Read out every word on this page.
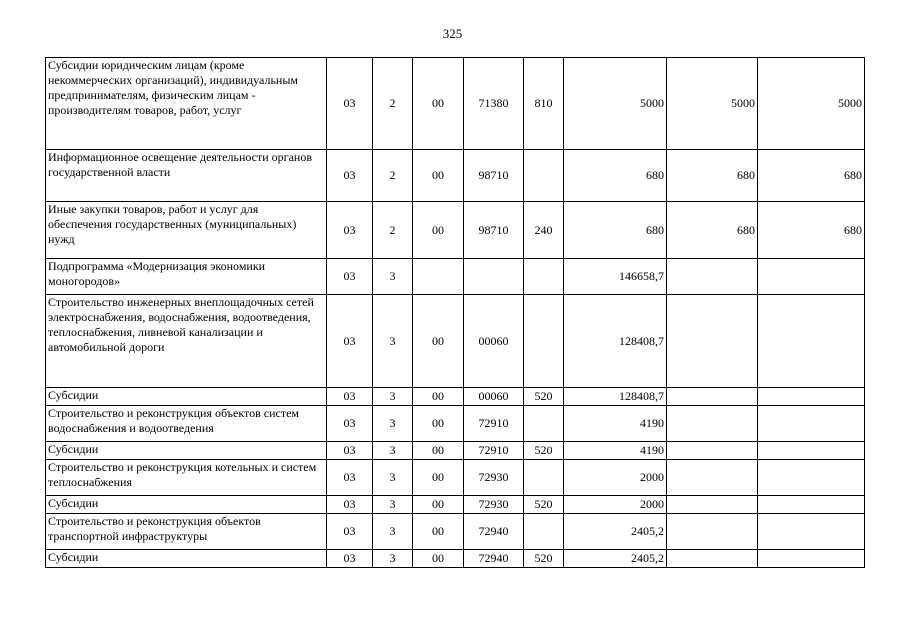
325
Субсидии юридическим лицам (кроме некоммерческих организаций), индивидуальным предпринимателям, физическим лицам - производителям товаров, работ, услуг	03	2	00	71380	810	5000	5000	5000
Информационное освещение деятельности органов государственной власти	03	2	00	98710		680	680	680
Иные закупки товаров, работ и услуг для обеспечения государственных (муниципальных) нужд	03	2	00	98710	240	680	680	680
Подпрограмма «Модернизация экономики моногородов»	03	3				146658,7		
Строительство инженерных внеплощадочных сетей электроснабжения, водоснабжения, водоотведения, теплоснабжения, ливневой канализации и автомобильной дороги	03	3	00	00060		128408,7		
Субсидии	03	3	00	00060	520	128408,7		
Строительство и реконструкция объектов систем водоснабжения и водоотведения	03	3	00	72910		4190		
Субсидии	03	3	00	72910	520	4190		
Строительство и реконструкция котельных и систем теплоснабжения	03	3	00	72930		2000		
Субсидии	03	3	00	72930	520	2000		
Строительство и реконструкция объектов транспортной инфраструктуры	03	3	00	72940		2405,2		
Субсидии	03	3	00	72940	520	2405,2		
